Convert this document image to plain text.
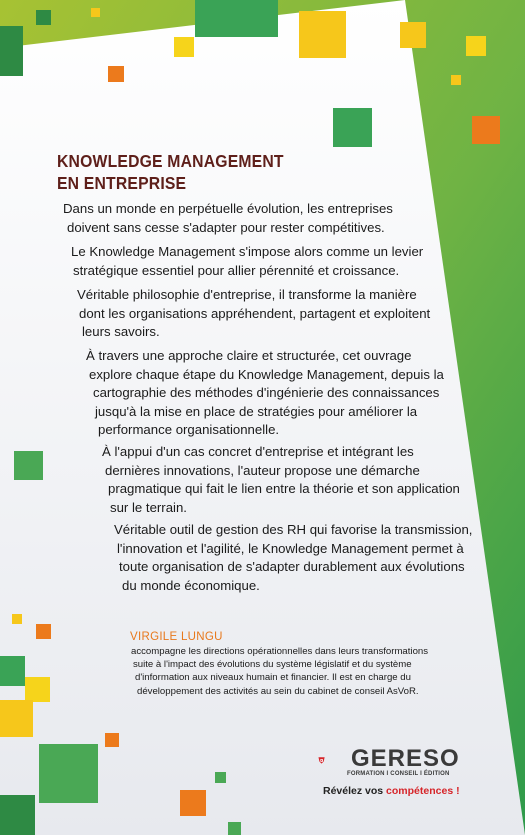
KNOWLEDGE MANAGEMENT
EN ENTREPRISE

Dans un monde en perpétuelle évolution, les entreprises
doivent sans cesse s'adapter pour rester compétitives.

Le Knowledge Management s'impose alors comme un levier
stratégique essentiel pour allier pérennité et croissance.

Véritable philosophie d'entreprise, il transforme la manière
dont les organisations appréhendent, partagent et exploitent
leurs savoirs.

À travers une approche claire et structurée, cet ouvrage
explore chaque étape du Knowledge Management, depuis la
cartographie des méthodes d'ingénierie des connaissances
jusqu'à la mise en place de stratégies pour améliorer la
performance organisationnelle.

À l'appui d'un cas concret d'entreprise et intégrant les
dernières innovations, l'auteur propose une démarche
pragmatique qui fait le lien entre la théorie et son application
sur le terrain.

Véritable outil de gestion des RH qui favorise la transmission,
l'innovation et l'agilité, le Knowledge Management permet à
toute organisation de s'adapter durablement aux évolutions
du monde économique.

VIRGILE LUNGU

accompagne les directions opérationnelles dans leurs transformations
suite à l'impact des évolutions du système législatif et du système
d'information aux niveaux humain et financier. Il est en charge du
développement des activités au sein du cabinet de conseil AsVoR.

GERESO
FORMATION I CONSEIL I ÉDITION
Révélez vos compétences !
